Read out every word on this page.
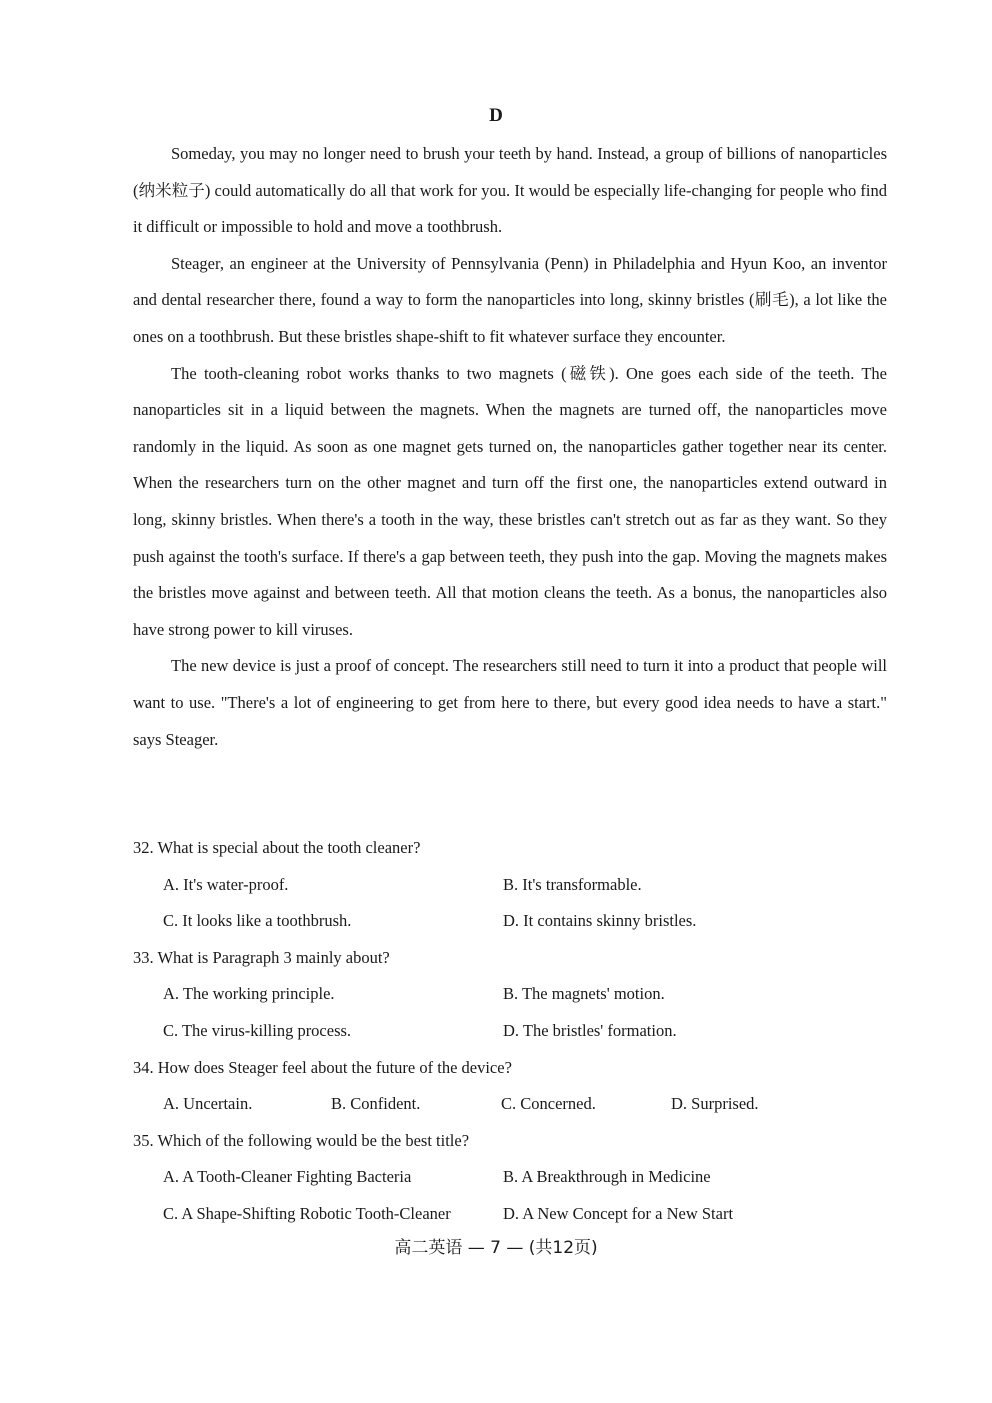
D

Someday, you may no longer need to brush your teeth by hand. Instead, a group of billions of nanoparticles (纳米粒子) could automatically do all that work for you. It would be especially life-changing for people who find it difficult or impossible to hold and move a toothbrush.

Steager, an engineer at the University of Pennsylvania (Penn) in Philadelphia and Hyun Koo, an inventor and dental researcher there, found a way to form the nanoparticles into long, skinny bristles (刷毛), a lot like the ones on a toothbrush. But these bristles shape-shift to fit whatever surface they encounter.

The tooth-cleaning robot works thanks to two magnets (磁铁). One goes each side of the teeth. The nanoparticles sit in a liquid between the magnets. When the magnets are turned off, the nanoparticles move randomly in the liquid. As soon as one magnet gets turned on, the nanoparticles gather together near its center. When the researchers turn on the other magnet and turn off the first one, the nanoparticles extend outward in long, skinny bristles. When there's a tooth in the way, these bristles can't stretch out as far as they want. So they push against the tooth's surface. If there's a gap between teeth, they push into the gap. Moving the magnets makes the bristles move against and between teeth. All that motion cleans the teeth. As a bonus, the nanoparticles also have strong power to kill viruses.

The new device is just a proof of concept. The researchers still need to turn it into a product that people will want to use. "There's a lot of engineering to get from here to there, but every good idea needs to have a start." says Steager.

32. What is special about the tooth cleaner?

A. It's water-proof.	B. It's transformable.
C. It looks like a toothbrush.	D. It contains skinny bristles.

33. What is Paragraph 3 mainly about?

A. The working principle.	B. The magnets' motion.
C. The virus-killing process.	D. The bristles' formation.

34. How does Steager feel about the future of the device?

A. Uncertain.	B. Confident.	C. Concerned.	D. Surprised.

35. Which of the following would be the best title?

A. A Tooth-Cleaner Fighting Bacteria	B. A Breakthrough in Medicine
C. A Shape-Shifting Robotic Tooth-Cleaner	D. A New Concept for a New Start
高二英语 — 7 — (共12页)
